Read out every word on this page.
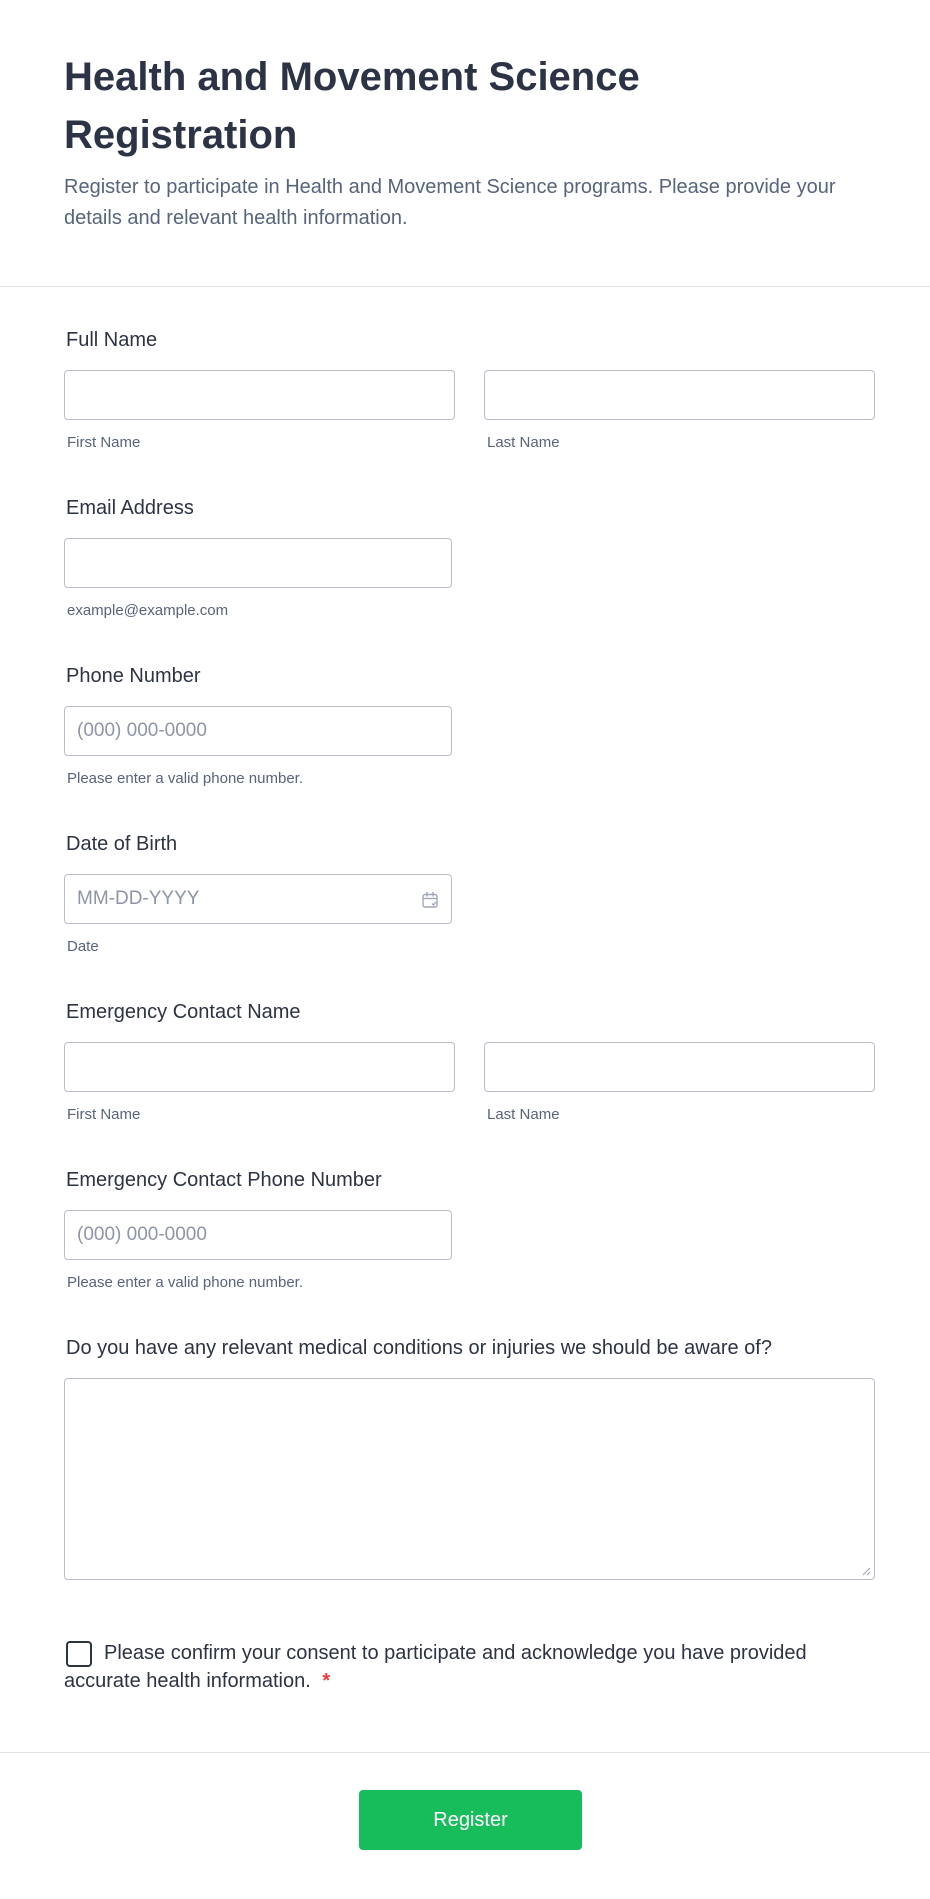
Health and Movement Science Registration

Register to participate in Health and Movement Science programs. Please provide your details and relevant health information.

Full Name
First Name	Last Name
Email Address
example@example.com
Phone Number
(000) 000-0000
Please enter a valid phone number.
Date of Birth
MM-DD-YYYY
Date
Emergency Contact Name
First Name	Last Name
Emergency Contact Phone Number
(000) 000-0000
Please enter a valid phone number.
Do you have any relevant medical conditions or injuries we should be aware of?
Please confirm your consent to participate and acknowledge you have provided accurate health information. *
Register
